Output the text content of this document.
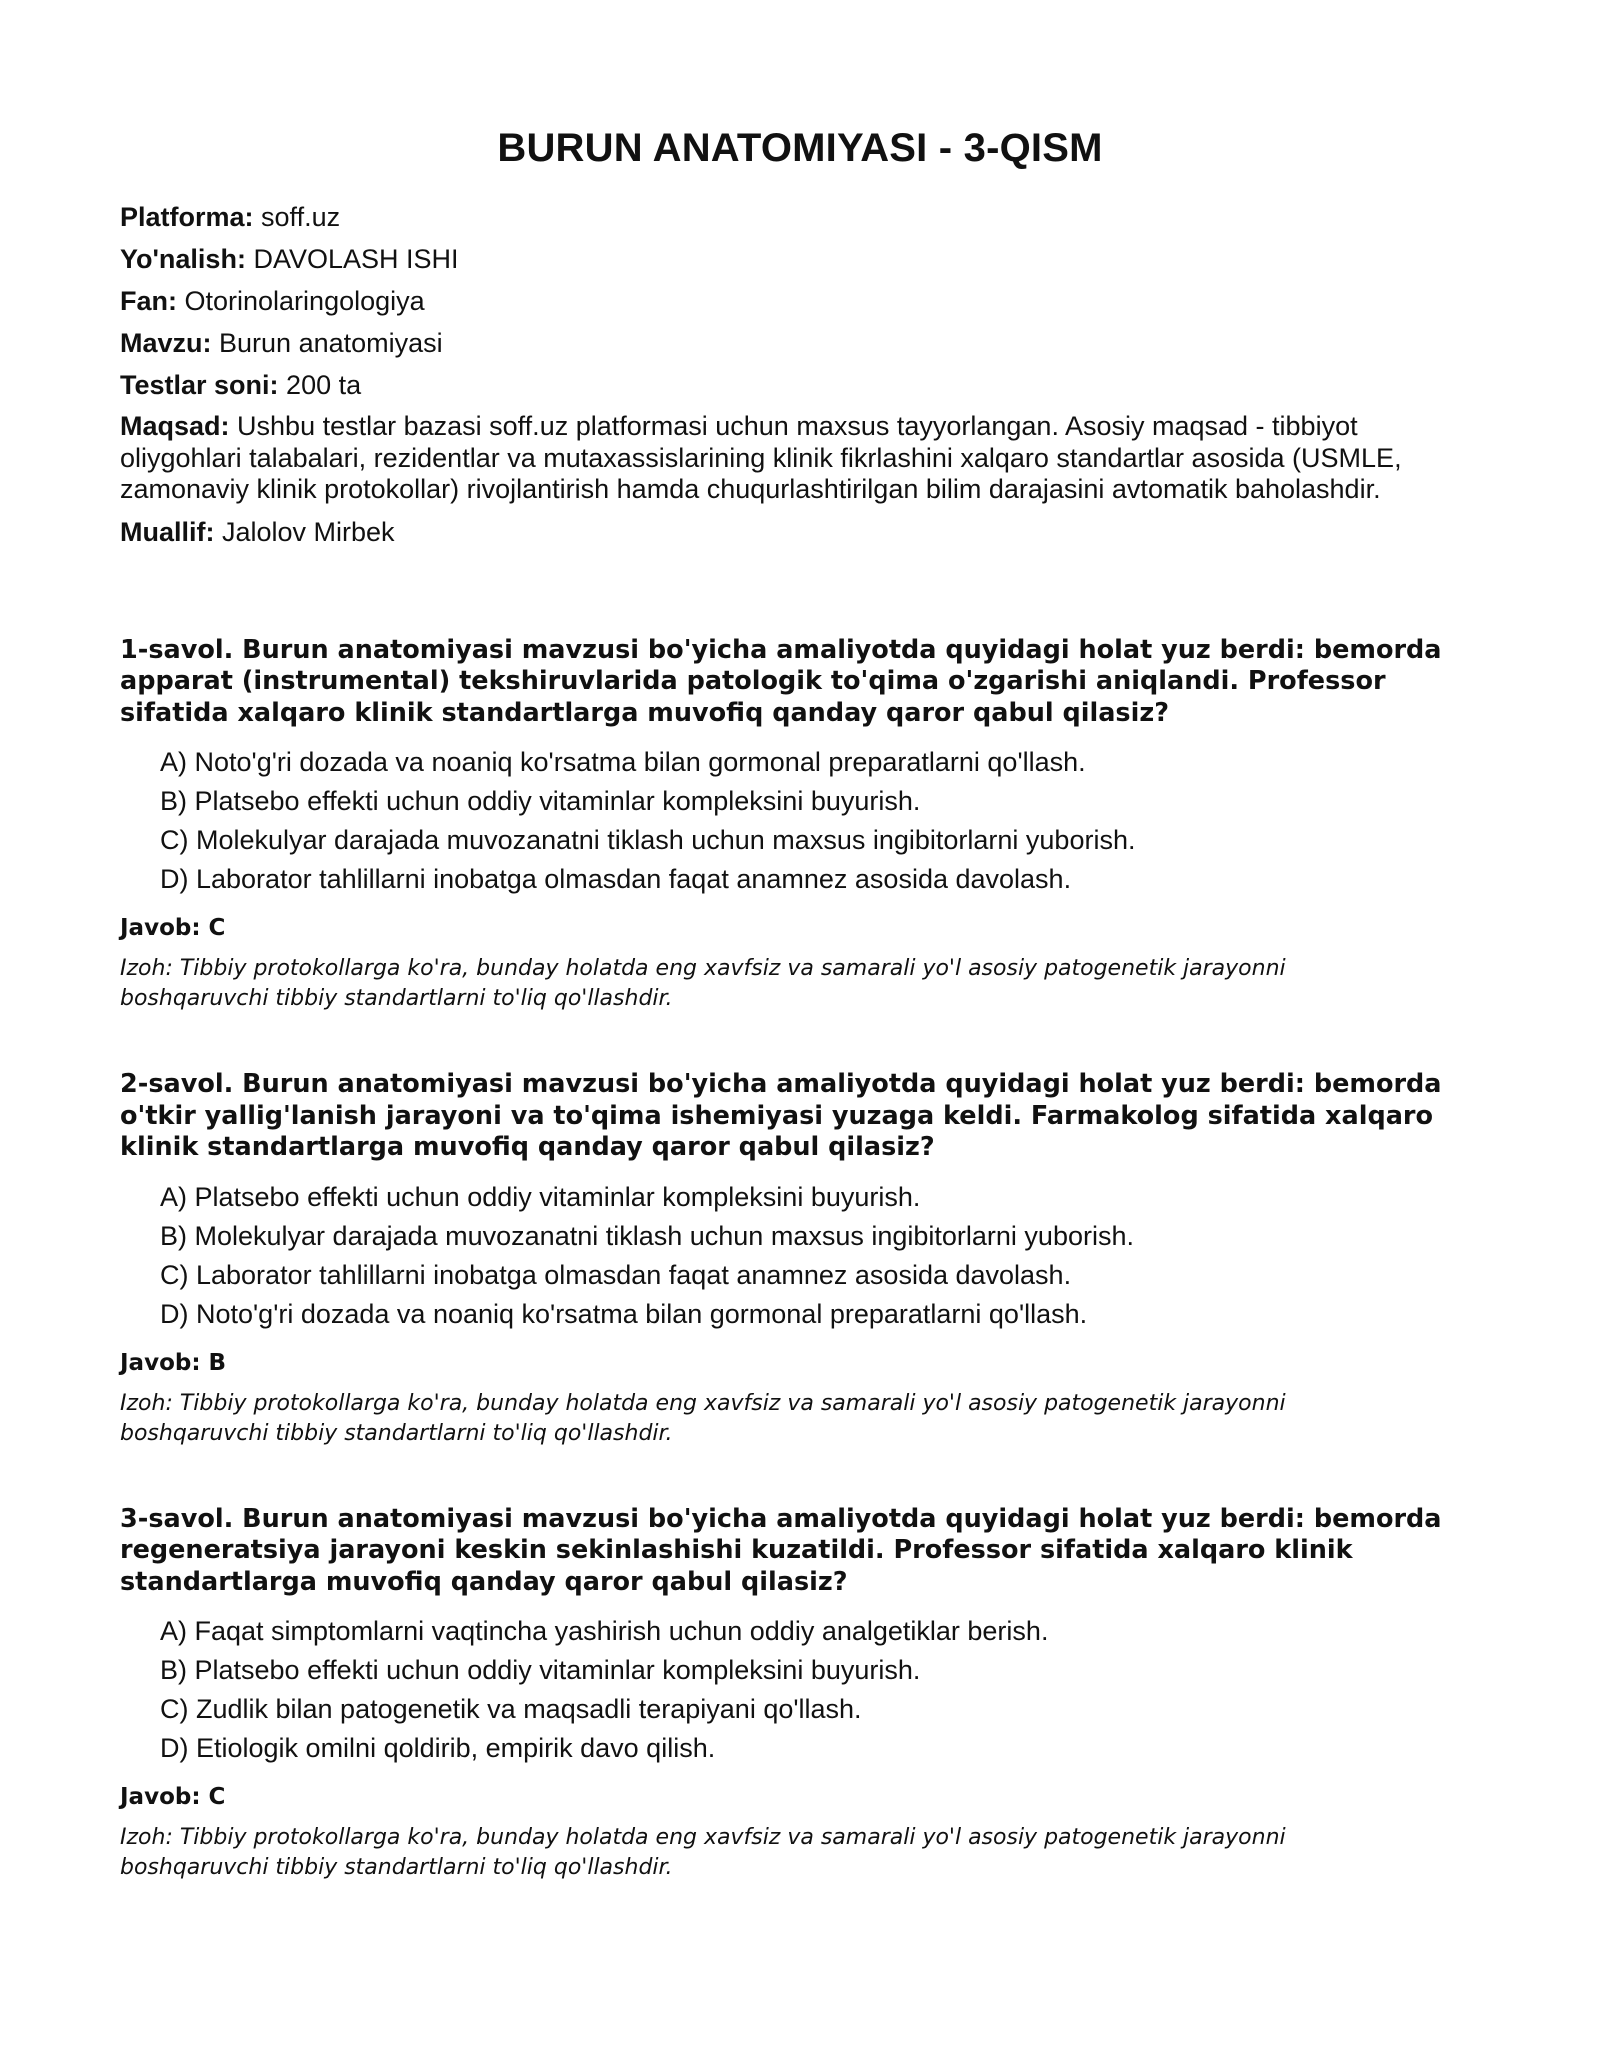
BURUN ANATOMIYASI - 3-QISM
Platforma: soff.uz
Yo'nalish: DAVOLASH ISHI
Fan: Otorinolaringologiya
Mavzu: Burun anatomiyasi
Testlar soni: 200 ta
Maqsad: Ushbu testlar bazasi soff.uz platformasi uchun maxsus tayyorlangan. Asosiy maqsad - tibbiyot oliygohlari talabalari, rezidentlar va mutaxassislarining klinik fikrlashini xalqaro standartlar asosida (USMLE, zamonaviy klinik protokollar) rivojlantirish hamda chuqurlashtirilgan bilim darajasini avtomatik baholashdir.
Muallif: Jalolov Mirbek

1-savol. Burun anatomiyasi mavzusi bo'yicha amaliyotda quyidagi holat yuz berdi: bemorda apparat (instrumental) tekshiruvlarida patologik to'qima o'zgarishi aniqlandi. Professor sifatida xalqaro klinik standartlarga muvofiq qanday qaror qabul qilasiz?

A) Noto'g'ri dozada va noaniq ko'rsatma bilan gormonal preparatlarni qo'llash.
B) Platsebo effekti uchun oddiy vitaminlar kompleksini buyurish.
C) Molekulyar darajada muvozanatni tiklash uchun maxsus ingibitorlarni yuborish.
D) Laborator tahlillarni inobatga olmasdan faqat anamnez asosida davolash.
Javob: C
Izoh: Tibbiy protokollarga ko'ra, bunday holatda eng xavfsiz va samarali yo'l asosiy patogenetik jarayonni boshqaruvchi tibbiy standartlarni to'liq qo'llashdir.

2-savol. Burun anatomiyasi mavzusi bo'yicha amaliyotda quyidagi holat yuz berdi: bemorda o'tkir yallig'lanish jarayoni va to'qima ishemiyasi yuzaga keldi. Farmakolog sifatida xalqaro klinik standartlarga muvofiq qanday qaror qabul qilasiz?

A) Platsebo effekti uchun oddiy vitaminlar kompleksini buyurish.
B) Molekulyar darajada muvozanatni tiklash uchun maxsus ingibitorlarni yuborish.
C) Laborator tahlillarni inobatga olmasdan faqat anamnez asosida davolash.
D) Noto'g'ri dozada va noaniq ko'rsatma bilan gormonal preparatlarni qo'llash.
Javob: B
Izoh: Tibbiy protokollarga ko'ra, bunday holatda eng xavfsiz va samarali yo'l asosiy patogenetik jarayonni boshqaruvchi tibbiy standartlarni to'liq qo'llashdir.

3-savol. Burun anatomiyasi mavzusi bo'yicha amaliyotda quyidagi holat yuz berdi: bemorda regeneratsiya jarayoni keskin sekinlashishi kuzatildi. Professor sifatida xalqaro klinik standartlarga muvofiq qanday qaror qabul qilasiz?

A) Faqat simptomlarni vaqtincha yashirish uchun oddiy analgetiklar berish.
B) Platsebo effekti uchun oddiy vitaminlar kompleksini buyurish.
C) Zudlik bilan patogenetik va maqsadli terapiyani qo'llash.
D) Etiologik omilni qoldirib, empirik davo qilish.
Javob: C
Izoh: Tibbiy protokollarga ko'ra, bunday holatda eng xavfsiz va samarali yo'l asosiy patogenetik jarayonni boshqaruvchi tibbiy standartlarni to'liq qo'llashdir.
